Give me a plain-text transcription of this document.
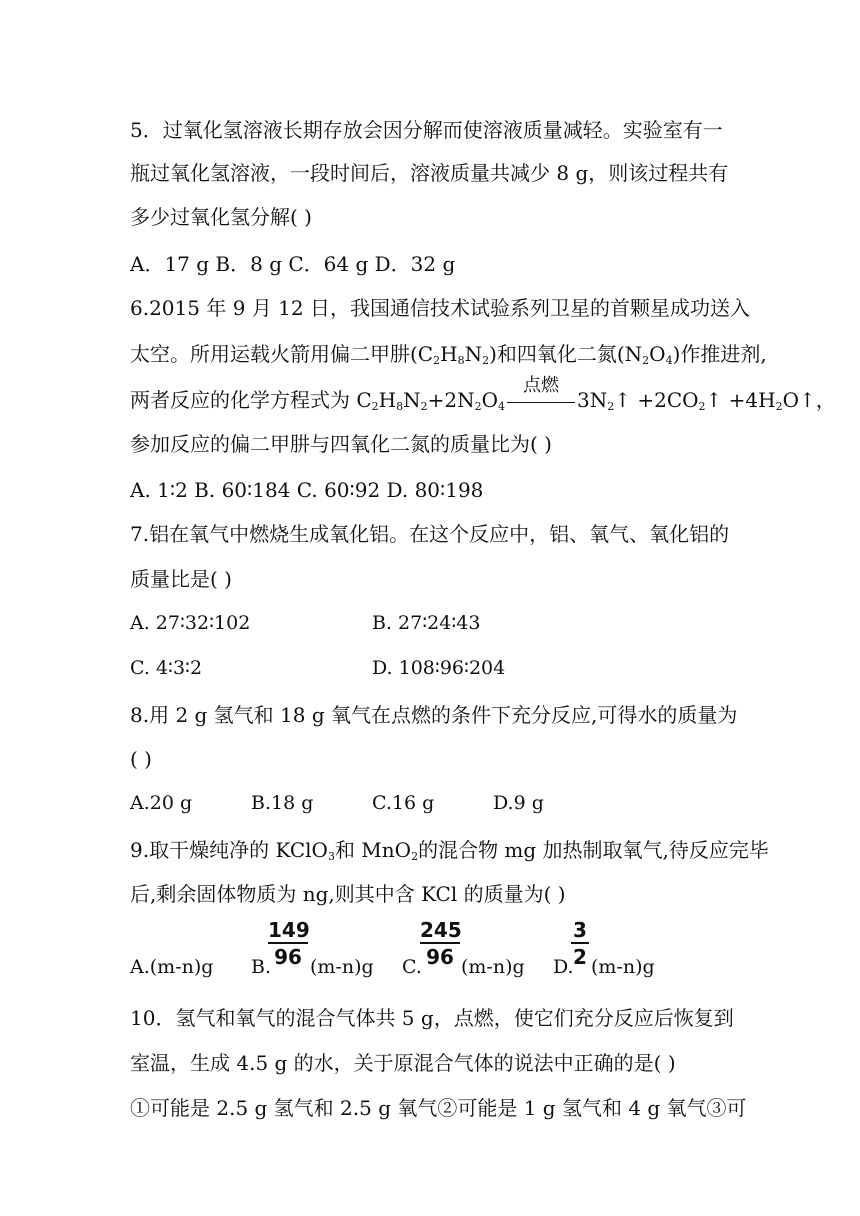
5．过氧化氢溶液长期存放会因分解而使溶液质量减轻。实验室有一
瓶过氧化氢溶液，一段时间后，溶液质量共减少 8 g，则该过程共有
多少过氧化氢分解( )
A．17 g B．8 g C．64 g D．32 g
6.2015 年 9 月 12 日，我国通信技术试验系列卫星的首颗星成功送入
太空。所用运载火箭用偏二甲肼$(C_2H_8N_2)$和四氧化二氮$(N_2O_4)$作推进剂,
两者反应的化学方程式为 $C_2H_8N_2+2N_2O_4$
点燃
$3N_2↑$ $+2CO_2↑$ $+4H_2O↑$，
参加反应的偏二甲肼与四氧化二氮的质量比为( )
A. 1∶2 B. 60∶184 C. 60∶92 D. 80∶198
7.铝在氧气中燃烧生成氧化铝。在这个反应中，铝、氧气、氧化铝的
质量比是( )
A. 27∶32∶102	B. 27∶24∶43
C. 4∶3∶2	D. 108∶96∶204
8.用 2 g 氢气和 18 g 氧气在点燃的条件下充分反应,可得水的质量为
( )
A.20 g	B.18 g	C.16 g	D.9 g
9.取干燥纯净的 KClO$_3$和 MnO$_2$的混合物 mg 加热制取氧气,待反应完毕
后,剩余固体物质为 ng,则其中含 KCl 的质量为( )
A.(m-n)g B.
$\frac{149}{96} (m-n)g$ C.
$\frac{245}{96} (m-n)g$ D.
$\frac{3}{2} (m-n)g$
10．氢气和氧气的混合气体共 5 g，点燃，使它们充分反应后恢复到
室温，生成 4.5 g 的水，关于原混合气体的说法中正确的是( )
①可能是 2.5 g 氢气和 2.5 g 氧气②可能是 1 g 氢气和 4 g 氧气③可
